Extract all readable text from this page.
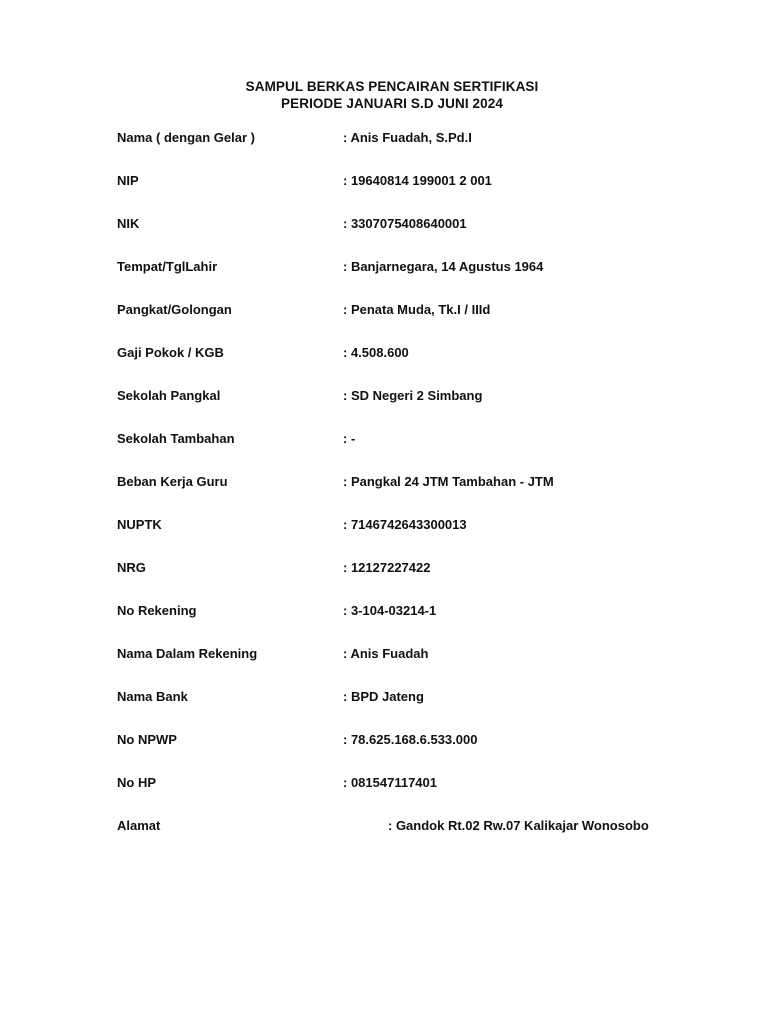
SAMPUL BERKAS PENCAIRAN SERTIFIKASI
PERIODE JANUARI S.D JUNI 2024
Nama ( dengan Gelar )	: Anis Fuadah, S.Pd.I
NIP	: 19640814 199001 2 001
NIK	: 3307075408640001
Tempat/TglLahir	: Banjarnegara, 14 Agustus 1964
Pangkat/Golongan	: Penata Muda, Tk.I / IIId
Gaji Pokok / KGB	: 4.508.600
Sekolah Pangkal	: SD Negeri 2 Simbang
Sekolah Tambahan	: -
Beban Kerja Guru	: Pangkal 24 JTM Tambahan - JTM
NUPTK	: 7146742643300013
NRG	: 12127227422
No Rekening	: 3-104-03214-1
Nama Dalam Rekening	: Anis Fuadah
Nama Bank	: BPD Jateng
No NPWP	: 78.625.168.6.533.000
No HP	: 081547117401
Alamat	: Gandok Rt.02 Rw.07 Kalikajar Wonosobo
